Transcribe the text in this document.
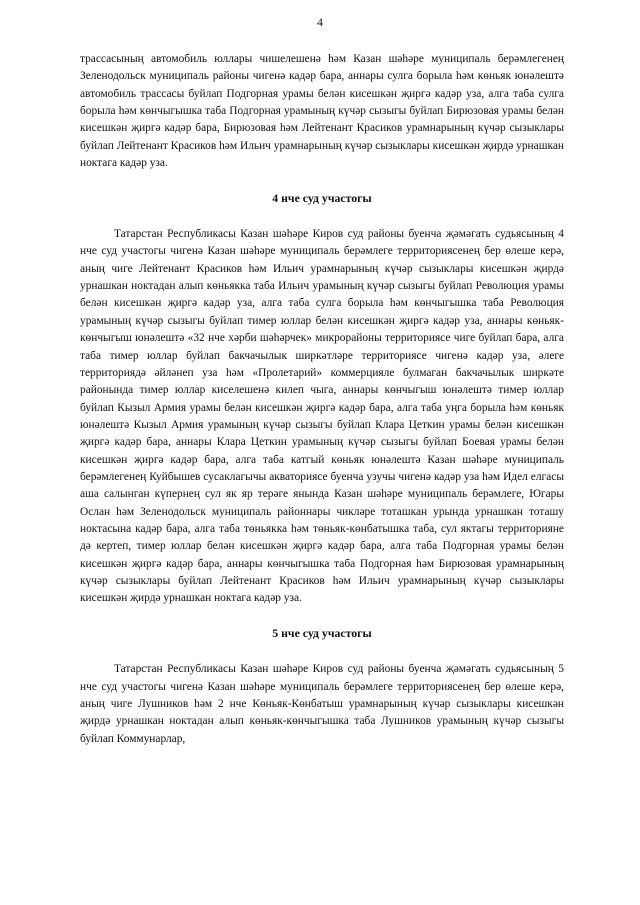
4

трассасының автомобиль юллары чишелешенә һәм Казан шәһәре муниципаль берәмлегенең Зеленодольск муниципаль районы чигенә кадәр бара, аннары сулга борыла һәм көньяк юнәлештә автомобиль трассасы буйлап Подгорная урамы белән кисешкән җиргә кадәр уза, алга таба сулга борыла һәм көнчыгышка таба Подгорная урамының күчәр сызыгы буйлап Бирюзовая урамы белән кисешкән җиргә кадәр бара, Бирюзовая һәм Лейтенант Красиков урамнарының күчәр сызыклары буйлап Лейтенант Красиков һәм Ильич урамнарының күчәр сызыклары кисешкән җирдә урнашкан ноктага кадәр уза.

4 нче суд участогы

Татарстан Республикасы Казан шәһәре Киров суд районы буенча җәмәгать судьясының 4 нче суд участогы чигенә Казан шәһәре муниципаль берәмлеге территориясенең бер өлеше керә, аның чиге Лейтенант Красиков һәм Ильич урамнарының күчәр сызыклары кисешкән җирдә урнашкан ноктадан алып көньякка таба Ильич урамының күчәр сызыгы буйлап Революция урамы белән кисешкән җиргә кадәр уза, алга таба сулга борыла һәм көнчыгышка таба Революция урамының күчәр сызыгы буйлап тимер юллар белән кисешкән җиргә кадәр уза, аннары көньяк-көнчыгыш юнәлештә «32 нче хәрби шәһәрчек» микрорайоны территориясе чиге буйлап бара, алга таба тимер юллар буйлап бакчачылык ширкәтләре территориясе чигенә кадәр уза, әлеге территориядә әйләнеп уза һәм «Пролетарий» коммерцияле булмаган бакчачылык ширкәте районында тимер юллар киселешенә килеп чыга, аннары көнчыгыш юнәлештә тимер юллар буйлап Кызыл Армия урамы белән кисешкән җиргә кадәр бара, алга таба уңга борыла һәм көньяк юнәлештә Кызыл Армия урамының күчәр сызыгы буйлап Клара Цеткин урамы белән кисешкән җиргә кадәр бара, аннары Клара Цеткин урамының күчәр сызыгы буйлап Боевая урамы белән кисешкән җиргә кадәр бара, алга таба катгый көньяк юнәлештә Казан шәһәре муниципаль берәмлегенең Куйбышев сусаклагычы акваториясе буенча узучы чигенә кадәр уза һәм Идел елгасы аша салынган күпернең сул як яр терәге янында Казан шәһәре муниципаль берәмлеге, Югары Ослан һәм Зеленодольск муниципаль районнары чикләре тоташкан урында урнашкан тоташу ноктасына кадәр бара, алга таба төньякка һәм төньяк-көнбатышка таба, сул яктагы территорияне дә кертеп, тимер юллар белән кисешкән җиргә кадәр бара, алга таба Подгорная урамы белән кисешкән җиргә кадәр бара, аннары көнчыгышка таба Подгорная һәм Бирюзовая урамнарының күчәр сызыклары буйлап Лейтенант Красиков һәм Ильич урамнарының күчәр сызыклары кисешкән җирдә урнашкан ноктага кадәр уза.

5 нче суд участогы

Татарстан Республикасы Казан шәһәре Киров суд районы буенча җәмәгать судьясының 5 нче суд участогы чигенә Казан шәһәре муниципаль берәмлеге территориясенең бер өлеше керә, аның чиге Лушников һәм 2 нче Көньяк-Көнбатыш урамнарының күчәр сызыклары кисешкән җирдә урнашкан ноктадан алып көньяк-көнчыгышка таба Лушников урамының күчәр сызыгы буйлап Коммунарлар,
